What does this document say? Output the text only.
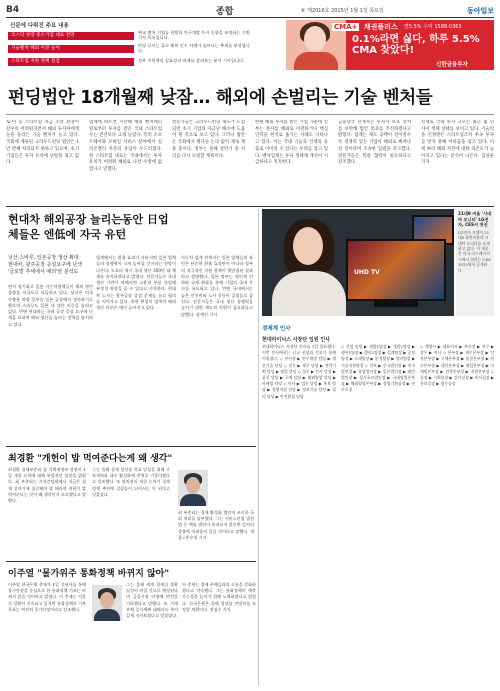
B4	종합	⑥ 제2016호 2015년 1월 1일 목요일	동아일보
신문에 다뤄진 주요 내용
코스닥 상장 중소기업 대표 전망
판교 벤처 기업들 현황과 연구개발 투자 동향을 조명하는 기획 기사 목록입니다.
기술벤처 해외 이전 늘어
펀딩 규모는 줄고 해외 인수 사례가 늘어나는 추세를 분석합니다.
스타트업 지원 정책 점검	정부 지원책의 실효성과 과제를 살펴보는 분석 기사입니다.
CMA+ 채권플러스	연5.5% 수익 1588-0365
0.1%라면 싫다, 하루 5.5% CMA 찾았다!
신한금융투자
펀딩법안 18개월째 낮잠… 해외에 손벌리는 기술 벤처들
토-미 등 스타트업 자금 조달 환경이 갈수록 어려워지면서 해외 투자자에게 눈을 돌리는 기술 벤처가 늘고 있다. 국회에 계류된 크라우드펀딩 법안은 1년 반째 처리되지 못하고 있으며, 초기 기업들은 투자 유치에 난항을 겪고 있다.
업계에 따르면 지난해 해외 벤처캐피털로부터 투자를 받은 국내 스타트업 수는 전년보다 크게 늘었다. 특히 소프트웨어와 모바일 서비스 분야에서 실리콘밸리 자본의 유입이 두드러졌다. 한 스타트업 대표는 국내에서는 투자 유치가 어려워 해외로 나갈 수밖에 없었다고 말했다.
전문가들은 크라우드펀딩 제도가 도입되면 초기 기업의 자금난 해소에 도움이 될 것으로 보고 있다. 그러나 법안은 국회에서 별다른 논의 없이 계속 계류 중이다. 정부는 올해 상반기 중 처리를 다시 요청할 계획이다.
한편 해외 투자를 받은 기업 가운데 일부는 본사를 해외로 이전하거나 핵심 인력을 현지로 옮기는 사례도 나타나고 있다. 이는 국내 기술과 인재의 유출로 이어질 수 있다는 우려를 낳고 있다. 벤처업계는 투자 생태계 개선이 시급하다고 지적한다.
금융당국 관계자는 투자자 보호 장치를 보완해 법안 통과를 추진하겠다고 밝혔다. 업계는 제도 공백이 길어질수록 경쟁력 있는 기업이 해외로 빠져나갈 것이라며 조속한 입법을 촉구했다. 전문가들은 민관 협력이 필요하다고 강조했다.
실제로 국내 투자 규모는 최근 몇 년 사이 정체 상태를 보이고 있다. 기술력을 인정받은 스타트업조차 후속 투자를 받지 못해 어려움을 겪고 있다. 이에 따라 해외 자본에 대한 의존도가 높아지고 있다는 분석이 나온다. 김상운 기자
현대차 해외공장 늘리는동안 日업체들은 엔低에 자국 유턴
닛산·스바루, 일본공장 생산 확대
현대차, 광주공장 증설요구에 난색
'글로벌 추세에서 예외'란 분석도
엔저 장기화로 일본 자동차업체들이 해외 생산 물량을 자국으로 되돌리고 있다. 닛산은 미국 수출용 차량 일부를 일본 공장에서 생산하기로 했으며 스바루도 일본 내 생산 비중을 늘리고 있다. 반면 현대차는 국내 공장 증설 요구에 난색을 표하며 해외 생산을 늘리는 전략을 유지하고 있다.
업계에서는 환율 효과가 사라지면 일본 업체들의 경쟁력이 크게 높아질 것이라는 전망이 나온다. 도요타 역시 국내 생산 300만 대 체제를 유지하겠다고 밝혔다. 전문가들은 국내 생산 기반이 약해지면 고용과 부품 산업에 부정적 영향을 줄 수 있다고 지적한다. 현대차 노사는 광주공장 증설 문제를 놓고 협의를 이어가고 있다. 한편 완성차 업계의 해외 생산 비중은 매년 높아지고 있다.
자동차 업계 관계자는 일본 업체들의 유턴은 단순한 환율 효과만이 아니라 정부의 적극적인 지원 정책이 뒷받침된 결과라고 설명했다. 일본 정부는 법인세 인하와 규제 완화를 통해 기업의 국내 투자를 유도하고 있다. 반면 국내에서는 높은 인건비와 노사 갈등이 걸림돌로 꼽힌다. 전문가들은 국내 생산 경쟁력을 높이기 위한 제도적 지원이 필요하다고 말했다. 정세진 기자
UHD TV
21대9 비율 '시네마 모니터' LG전자, CES서 첫선
LG전자 모델이 21대9 화면비율의 시네마 모니터를 소개하고 있다. 이 제품은 미국 라스베이거스에서 열리는 CES 2015에서 공개된다.
경제계 인사
현대하이닉스 사장단 임원 인사
현대하이닉스 사장단 인사를 1일 발표했다. 이번 인사에서는 신규 선임과 전보가 함께 이뤄졌다. ◇ 부사장 ▶ 연구개발 담당 ▶ 생산기술 담당 ◇ 전무 ▶ 재무 담당 ▶ 전략기획 담당 ▶ 영업 담당 ◇ 상무 ▶ 인사 담당 ▶ 품질 담당 ▶ 구매 담당 ▶ 해외영업 담당 ▶ 마케팅 담당 ◇ 이사 ▶ 법무 담당 ▶ 홍보 담당 ▶ 경영지원 담당 ▶ 정보기술 담당 ▶ 설비 담당 ▶ 안전환경 담당
◇ 신임 임원 ▶ 개발1팀장 ▶ 개발2팀장 ▶ 생산1팀장 ▶ 생산2팀장 ▶ 설계팀장 ▶ 공정팀장 ▶ 소재팀장 ▶ 분석팀장 ▶ 장비팀장 ▶ 기술지원팀장 ◇ 전보 ▶ 중국법인장 ▶ 미국법인장 ▶ 유럽법인장 ▶ 일본법인장 ▶ 대만법인장 ▶ 싱가포르법인장 ▶ 국내영업본부장 ▶ 해외영업본부장 ▶ 경영기획실장 ▶ 연구소장
◇ 계열사 ▶ 대표이사 ▶ 부사장 ▶ 전무 ▶ 상무 ▶ 이사 ◇ 본부장 ▶ 재무본부장 ▶ 인사본부장 ▶ 구매본부장 ▶ 품질본부장 ▶ 연구본부장 ▶ 생산본부장 ▶ 영업본부장 ▶ 마케팅본부장 ▶ 전략본부장 ▶ 지원본부장 ◇ 실장 ▶ 기획실장 ▶ 감사실장 ▶ 비서실장 ▶ 홍보실장 ▶ 법무실장
최경환 "개헌이 밥 먹여준다는게 왜 생각"
최경환 경제부총리 겸 기획재정부 장관이 1일 개헌 논의에 대해 부정적인 입장을 밝혔다. 최 부총리는 기자간담회에서 지금은 경제 살리기에 집중해야 할 때라며 개헌이 밥 먹여준다는 것이 왜 생각인지 모르겠다고 말했다.
그는 올해 경제 성장률 목표 달성을 위해 구조개혁과 내수 활성화에 총력을 기울이겠다고 강조했다. 또 정치권의 개헌 논의가 경제 정책 추진에 걸림돌이 되어서는 안 된다고 덧붙였다.
최 부총리는 경제 활성화 법안의 조속한 국회 처리를 당부했다. 그는 서비스산업 발전법 등 핵심 법안이 통과되지 않으면 일자리 창출에 어려움이 있을 것이라고 말했다. 세종=홍수영 기자
이주열 "물가위주 통화정책 바뀌지 않아"
이주열 한국은행 총재가 1일 신년사를 통해 물가안정을 중심으로 한 통화정책 기조는 바뀌지 않을 것이라고 밝혔다. 이 총재는 저물가 상황이 지속되고 있지만 통화정책의 기본 목표는 여전히 물가안정이라고 강조했다.
그는 올해 세계 경제의 불확실성이 커질 것으로 예상된다며 금융시장 안정에 만전을 기하겠다고 말했다. 또 가계부채 증가세에 대해서도 주의 깊게 지켜보겠다고 덧붙였다.
이 총재는 경제 주체들과의 소통을 강화하겠다고 약속했다. 그는 통화정책의 예측 가능성을 높이기 위해 노력하겠다고 밝혔다. 한국은행은 올해 성장률 전망치를 조정할 계획이다. 정임수 기자
